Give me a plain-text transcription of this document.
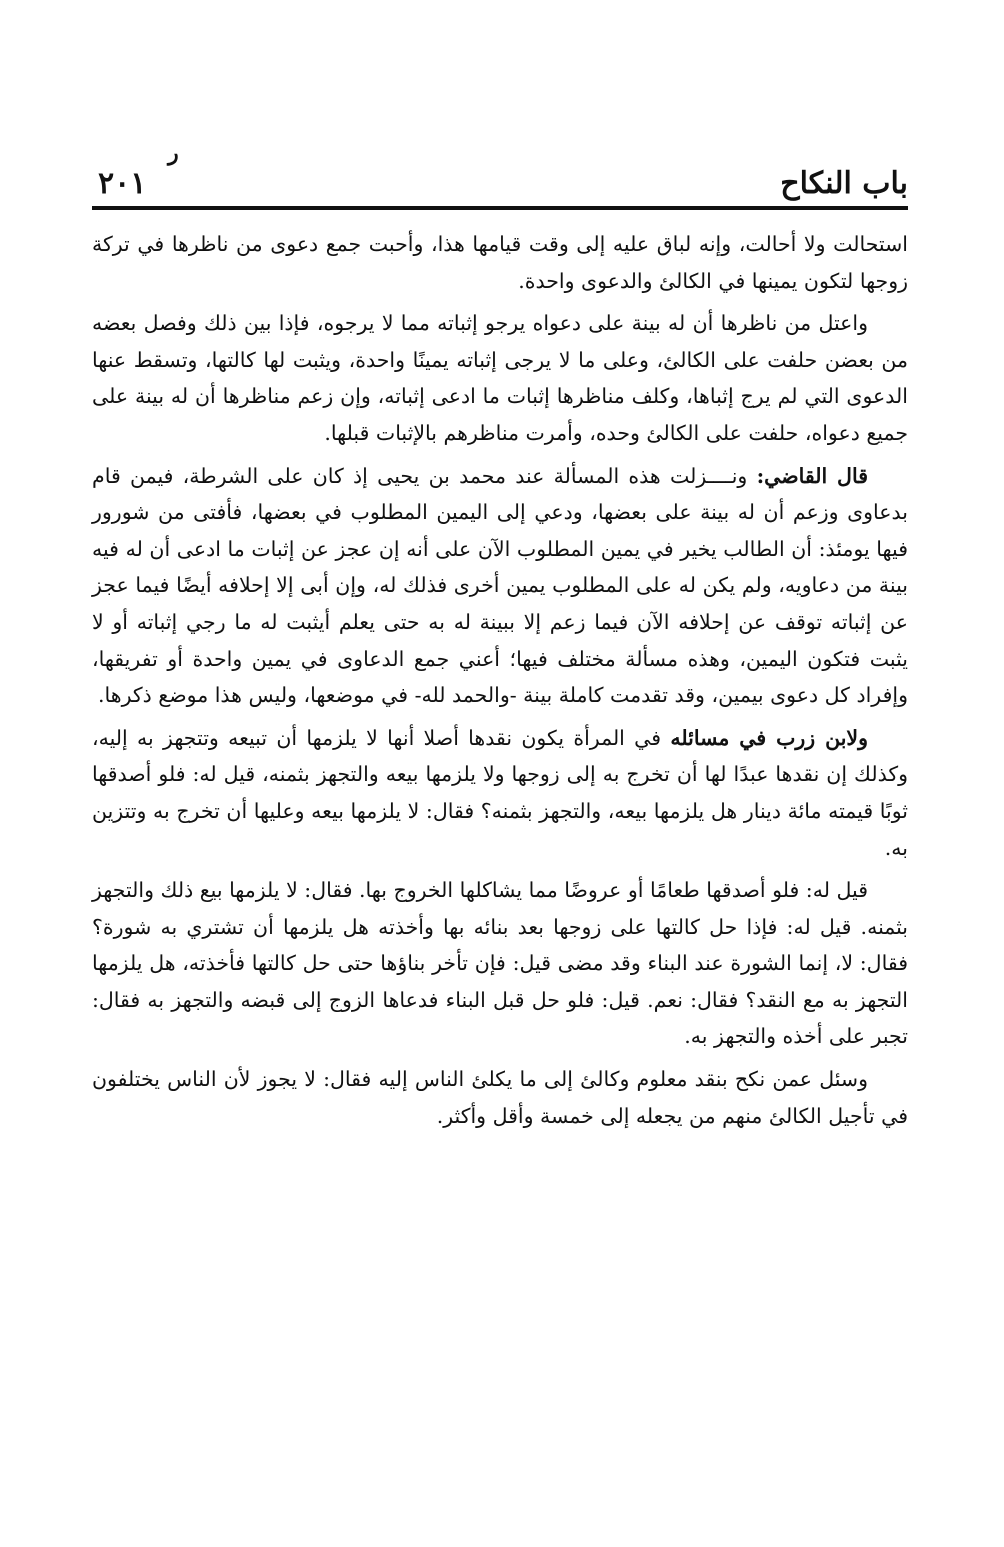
ر
باب النكاح
٢٠١

استحالت ولا أحالت، وإنه لباق عليه إلى وقت قيامها هذا، وأحبت جمع دعوى من ناظرها في تركة زوجها لتكون يمينها في الكالئ والدعوى واحدة.

واعتل من ناظرها أن له بينة على دعواه يرجو إثباته مما لا يرجوه، فإذا بين ذلك وفصل بعضه من بعضن حلفت على الكالئ، وعلى ما لا يرجى إثباته يمينًا واحدة، ويثبت لها كالتها، وتسقط عنها الدعوى التي لم يرج إثباها، وكلف مناظرها إثبات ما ادعى إثباته، وإن زعم مناظرها أن له بينة على جميع دعواه، حلفت على الكالئ وحده، وأمرت مناظرهم بالإثبات قبلها.

قال القاضي: ونــــزلت هذه المسألة عند محمد بن يحيى إذ كان على الشرطة، فيمن قام بدعاوى وزعم أن له بينة على بعضها، ودعي إلى اليمين المطلوب في بعضها، فأفتى من شورور فيها يومئذ: أن الطالب يخير في يمين المطلوب الآن على أنه إن عجز عن إثبات ما ادعى أن له فيه بينة من دعاويه، ولم يكن له على المطلوب يمين أخرى فذلك له، وإن أبى إلا إحلافه أيضًا فيما عجز عن إثباته توقف عن إحلافه الآن فيما زعم إلا ببينة له به حتى يعلم أيثبت له ما رجي إثباته أو لا يثبت فتكون اليمين، وهذه مسألة مختلف فيها؛ أعني جمع الدعاوى في يمين واحدة أو تفريقها، وإفراد كل دعوى بيمين، وقد تقدمت كاملة بينة -والحمد لله- في موضعها، وليس هذا موضع ذكرها.

ولابن زرب في مسائله في المرأة يكون نقدها أصلا أنها لا يلزمها أن تبيعه وتتجهز به إليه، وكذلك إن نقدها عبدًا لها أن تخرج به إلى زوجها ولا يلزمها بيعه والتجهز بثمنه، قيل له: فلو أصدقها ثوبًا قيمته مائة دينار هل يلزمها بيعه، والتجهز بثمنه؟ فقال: لا يلزمها بيعه وعليها أن تخرج به وتتزين به.

قيل له: فلو أصدقها طعامًا أو عروضًا مما يشاكلها الخروج بها. فقال: لا يلزمها بيع ذلك والتجهز بثمنه. قيل له: فإذا حل كالتها على زوجها بعد بنائه بها وأخذته هل يلزمها أن تشتري به شورة؟ فقال: لا، إنما الشورة عند البناء وقد مضى قيل: فإن تأخر بناؤها حتى حل كالتها فأخذته، هل يلزمها التجهز به مع النقد؟ فقال: نعم. قيل: فلو حل قبل البناء فدعاها الزوج إلى قبضه والتجهز به فقال: تجبر على أخذه والتجهز به.

وسئل عمن نكح بنقد معلوم وكالئ إلى ما يكلئ الناس إليه فقال: لا يجوز لأن الناس يختلفون في تأجيل الكالئ منهم من يجعله إلى خمسة وأقل وأكثر.
